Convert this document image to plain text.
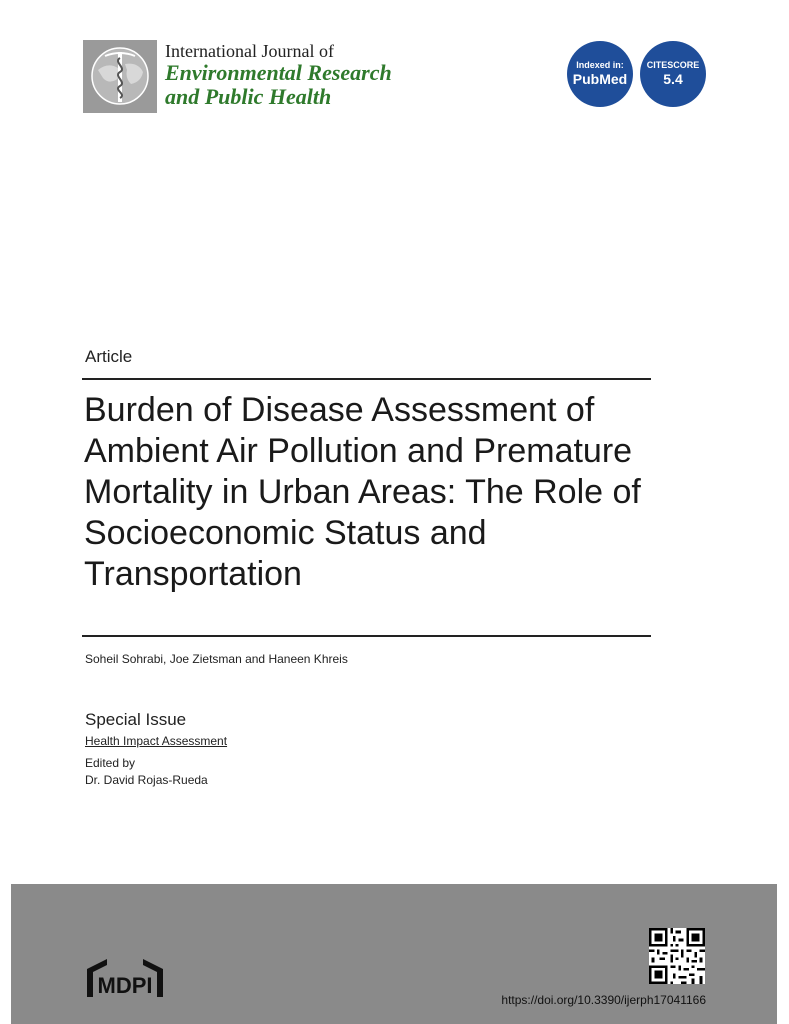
International Journal of
Environmental Research
and Public Health
Indexed in:
PubMed
CITESCORE
5.4
Article
Burden of Disease Assessment of Ambient Air Pollution and Premature Mortality in Urban Areas: The Role of Socioeconomic Status and Transportation
Soheil Sohrabi, Joe Zietsman and Haneen Khreis
Special Issue
Health Impact Assessment
Edited by
Dr. David Rojas-Rueda
MDPI
https://doi.org/10.3390/ijerph17041166
